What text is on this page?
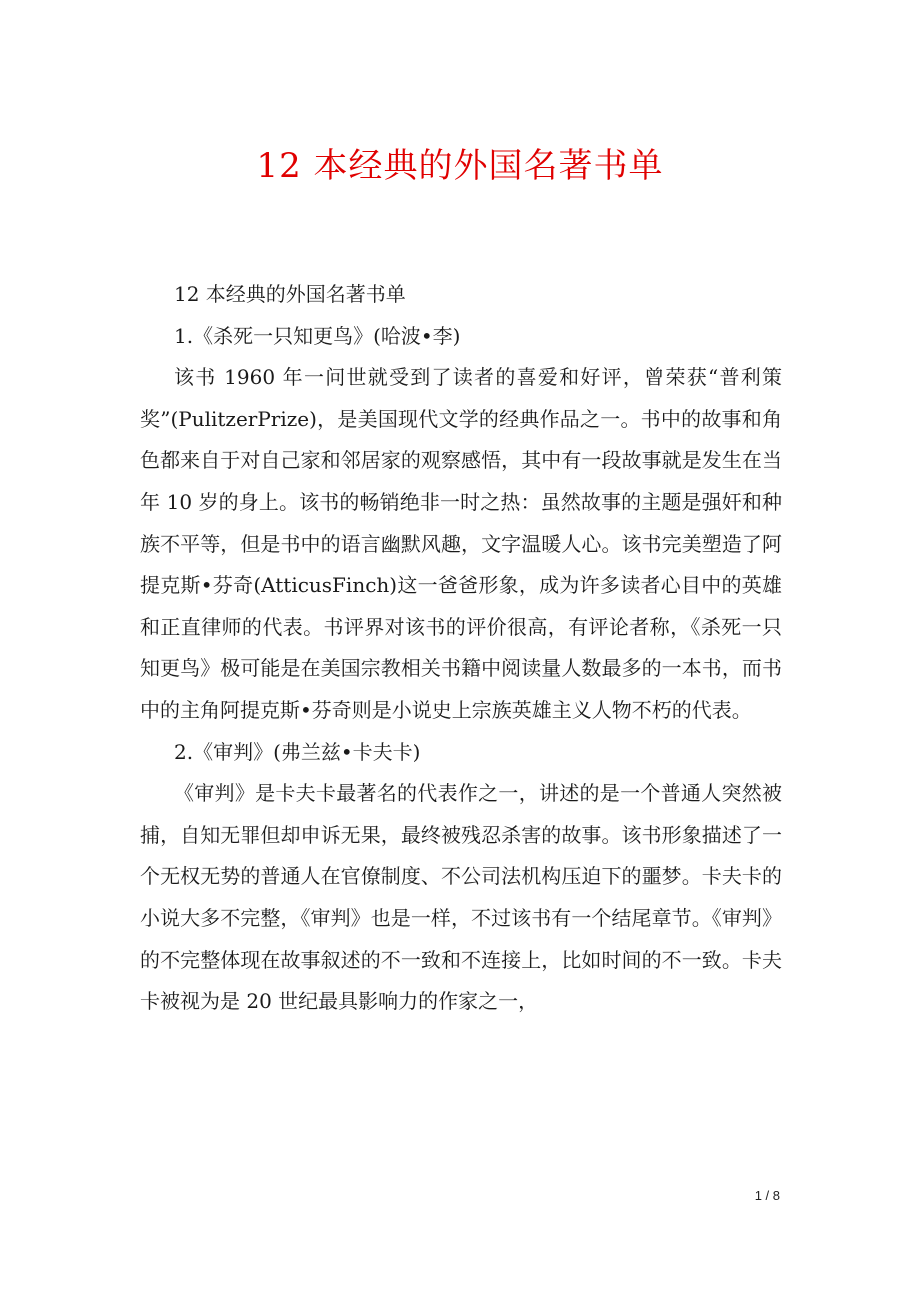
12 本经典的外国名著书单

12 本经典的外国名著书单

1.《杀死一只知更鸟》(哈波•李)

该书 1960 年一问世就受到了读者的喜爱和好评，曾荣获“普利策奖”(PulitzerPrize)，是美国现代文学的经典作品之一。书中的故事和角色都来自于对自己家和邻居家的观察感悟，其中有一段故事就是发生在当年 10 岁的身上。该书的畅销绝非一时之热：虽然故事的主题是强奸和种族不平等，但是书中的语言幽默风趣，文字温暖人心。该书完美塑造了阿提克斯•芬奇(AtticusFinch)这一爸爸形象，成为许多读者心目中的英雄和正直律师的代表。书评界对该书的评价很高，有评论者称，《杀死一只知更鸟》极可能是在美国宗教相关书籍中阅读量人数最多的一本书，而书中的主角阿提克斯•芬奇则是小说史上宗族英雄主义人物不朽的代表。

2.《审判》(弗兰兹•卡夫卡)

《审判》是卡夫卡最著名的代表作之一，讲述的是一个普通人突然被捕，自知无罪但却申诉无果，最终被残忍杀害的故事。该书形象描述了一个无权无势的普通人在官僚制度、不公司法机构压迫下的噩梦。卡夫卡的小说大多不完整，《审判》也是一样，不过该书有一个结尾章节。《审判》的不完整体现在故事叙述的不一致和不连接上，比如时间的不一致。卡夫卡被视为是 20 世纪最具影响力的作家之一，

1 / 8
